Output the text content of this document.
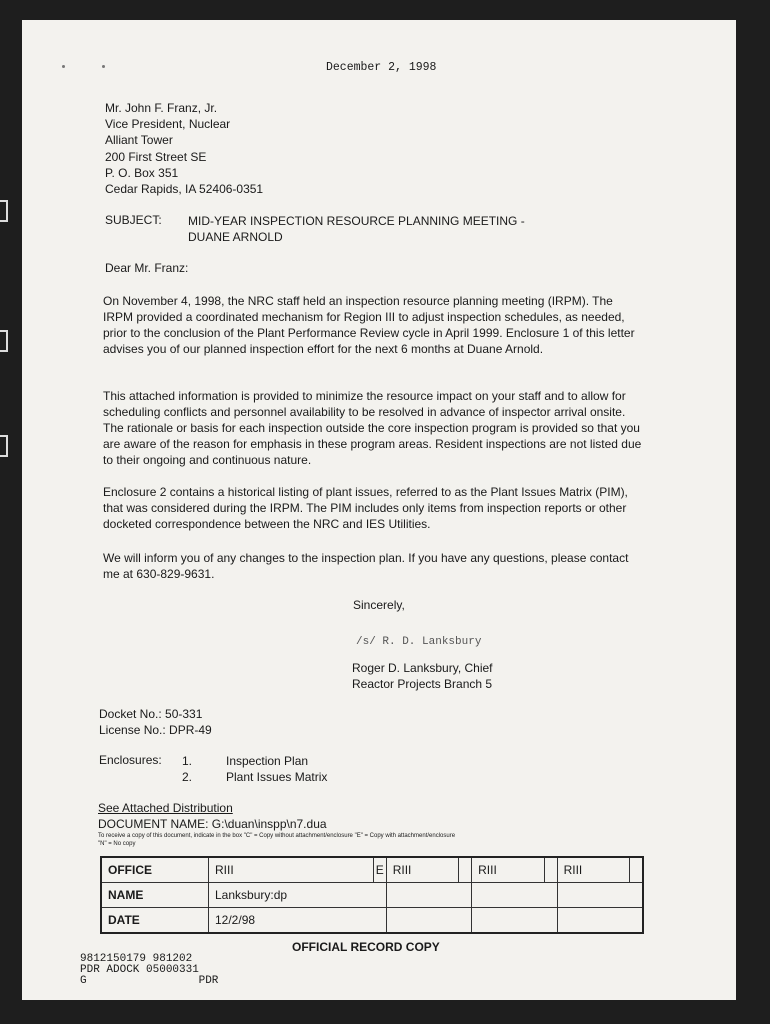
December 2, 1998
Mr. John F. Franz, Jr.
Vice President, Nuclear
Alliant Tower
200 First Street SE
P. O. Box 351
Cedar Rapids, IA 52406-0351
SUBJECT: MID-YEAR INSPECTION RESOURCE PLANNING MEETING -
DUANE ARNOLD
Dear Mr. Franz:
On November 4, 1998, the NRC staff held an inspection resource planning meeting (IRPM). The IRPM provided a coordinated mechanism for Region III to adjust inspection schedules, as needed, prior to the conclusion of the Plant Performance Review cycle in April 1999. Enclosure 1 of this letter advises you of our planned inspection effort for the next 6 months at Duane Arnold.
This attached information is provided to minimize the resource impact on your staff and to allow for scheduling conflicts and personnel availability to be resolved in advance of inspector arrival onsite. The rationale or basis for each inspection outside the core inspection program is provided so that you are aware of the reason for emphasis in these program areas. Resident inspections are not listed due to their ongoing and continuous nature.
Enclosure 2 contains a historical listing of plant issues, referred to as the Plant Issues Matrix (PIM), that was considered during the IRPM. The PIM includes only items from inspection reports or other docketed correspondence between the NRC and IES Utilities.
We will inform you of any changes to the inspection plan. If you have any questions, please contact me at 630-829-9631.
Sincerely,
/s/ R. D. Lanksbury
Roger D. Lanksbury, Chief
Reactor Projects Branch 5
Docket No.: 50-331
License No.: DPR-49
Enclosures: 1.	Inspection Plan
2.	Plant Issues Matrix
See Attached Distribution
DOCUMENT NAME: G:\duan\inspp\n7.dua
To receive a copy of this document, indicate in the box "C" = Copy without attachment/enclosure "E" = Copy with attachment/enclosure
"N" = No copy
OFFICE	RIII	E	RIII		RIII		RIII	
NAME	Lanksbury:dp							
DATE	12/2/98							
OFFICIAL RECORD COPY
9812150179 981202
PDR ADOCK 05000331
G	PDR
